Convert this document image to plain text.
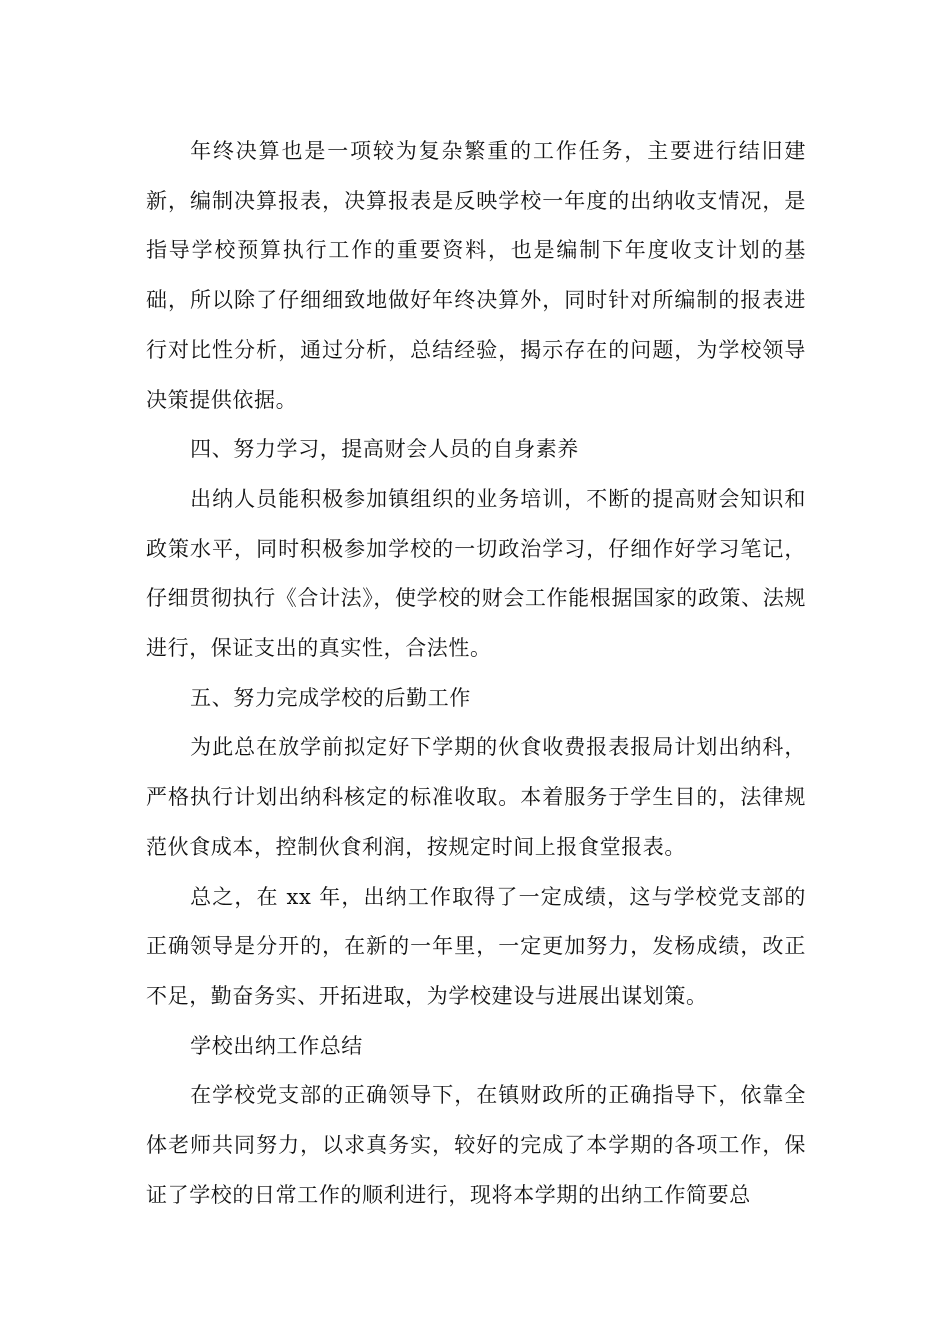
年终决算也是一项较为复杂繁重的工作任务，主要进行结旧建新，编制决算报表，决算报表是反映学校一年度的出纳收支情况，是指导学校预算执行工作的重要资料，也是编制下年度收支计划的基础，所以除了仔细细致地做好年终决算外，同时针对所编制的报表进行对比性分析，通过分析，总结经验，揭示存在的问题，为学校领导决策提供依据。

四、努力学习，提高财会人员的自身素养

出纳人员能积极参加镇组织的业务培训，不断的提高财会知识和政策水平，同时积极参加学校的一切政治学习，仔细作好学习笔记，仔细贯彻执行《合计法》，使学校的财会工作能根据国家的政策、法规进行，保证支出的真实性，合法性。

五、努力完成学校的后勤工作

为此总在放学前拟定好下学期的伙食收费报表报局计划出纳科，严格执行计划出纳科核定的标准收取。本着服务于学生目的，法律规范伙食成本，控制伙食利润，按规定时间上报食堂报表。

总之，在 xx 年，出纳工作取得了一定成绩，这与学校党支部的正确领导是分开的，在新的一年里，一定更加努力，发杨成绩，改正不足，勤奋务实、开拓进取，为学校建设与进展出谋划策。

学校出纳工作总结

在学校党支部的正确领导下，在镇财政所的正确指导下，依靠全体老师共同努力，以求真务实，较好的完成了本学期的各项工作，保证了学校的日常工作的顺利进行，现将本学期的出纳工作简要总
